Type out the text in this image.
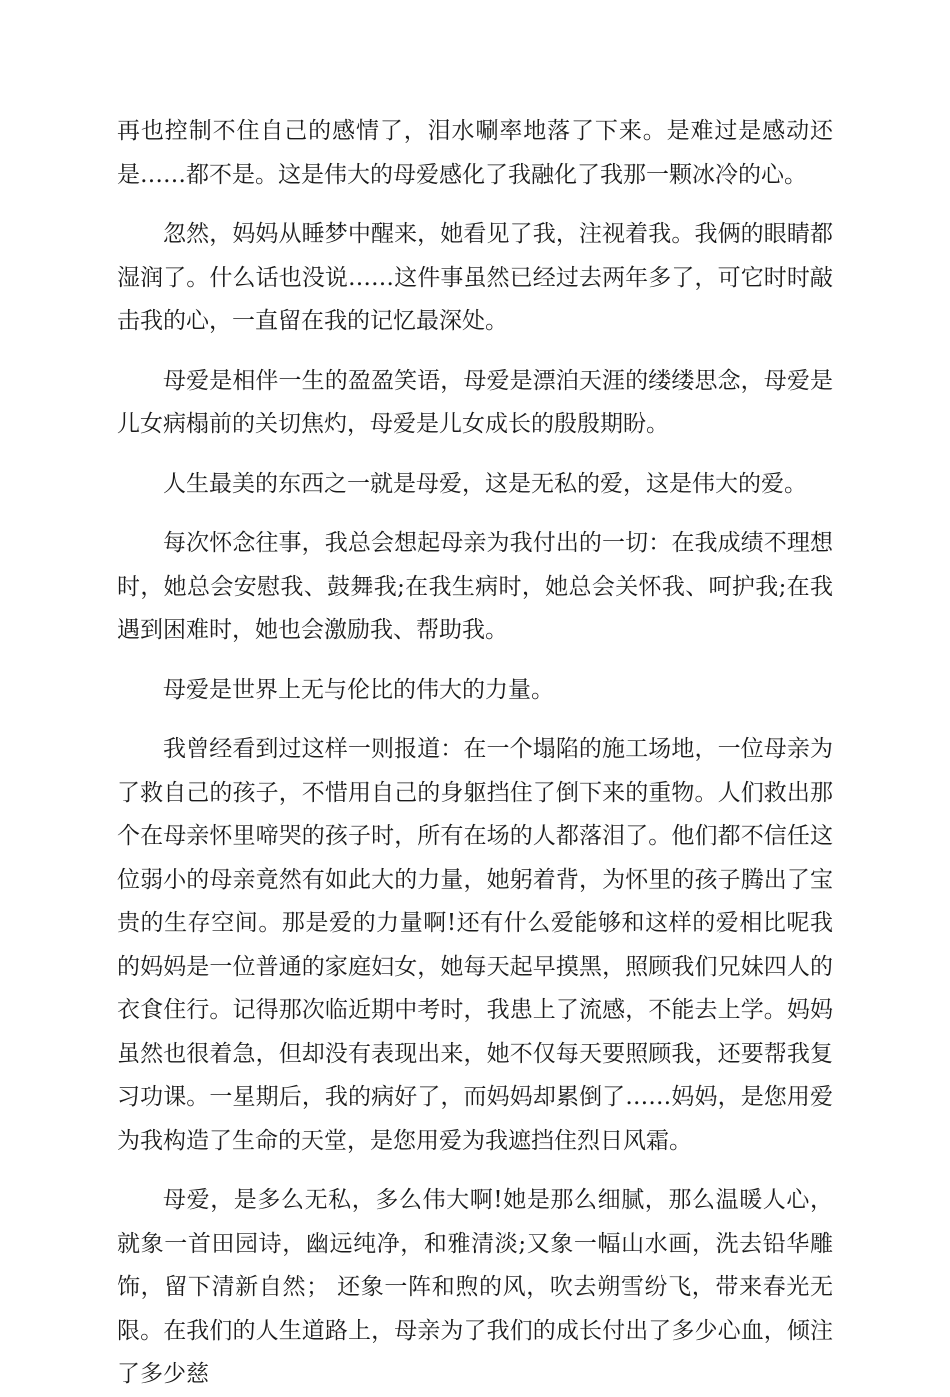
再也控制不住自己的感情了，泪水唰率地落了下来。是难过是感动还是……都不是。这是伟大的母爱感化了我融化了我那一颗冰冷的心。

忽然，妈妈从睡梦中醒来，她看见了我，注视着我。我俩的眼睛都湿润了。什么话也没说……这件事虽然已经过去两年多了，可它时时敲击我的心，一直留在我的记忆最深处。

母爱是相伴一生的盈盈笑语，母爱是漂泊天涯的缕缕思念，母爱是儿女病榻前的关切焦灼，母爱是儿女成长的殷殷期盼。

人生最美的东西之一就是母爱，这是无私的爱，这是伟大的爱。

每次怀念往事，我总会想起母亲为我付出的一切：在我成绩不理想时，她总会安慰我、鼓舞我;在我生病时，她总会关怀我、呵护我;在我遇到困难时，她也会激励我、帮助我。

母爱是世界上无与伦比的伟大的力量。

我曾经看到过这样一则报道：在一个塌陷的施工场地，一位母亲为了救自己的孩子，不惜用自己的身躯挡住了倒下来的重物。人们救出那个在母亲怀里啼哭的孩子时，所有在场的人都落泪了。他们都不信任这位弱小的母亲竟然有如此大的力量，她躬着背，为怀里的孩子腾出了宝贵的生存空间。那是爱的力量啊!还有什么爱能够和这样的爱相比呢我的妈妈是一位普通的家庭妇女，她每天起早摸黑，照顾我们兄妹四人的衣食住行。记得那次临近期中考时，我患上了流感，不能去上学。妈妈虽然也很着急，但却没有表现出来，她不仅每天要照顾我，还要帮我复习功课。一星期后，我的病好了，而妈妈却累倒了……妈妈，是您用爱为我构造了生命的天堂，是您用爱为我遮挡住烈日风霜。

母爱，是多么无私，多么伟大啊!她是那么细腻，那么温暖人心，就象一首田园诗，幽远纯净，和雅清淡;又象一幅山水画，洗去铅华雕饰，留下清新自然； 还象一阵和煦的风，吹去朔雪纷飞，带来春光无限。在我们的人生道路上，母亲为了我们的成长付出了多少心血，倾注了多少慈
